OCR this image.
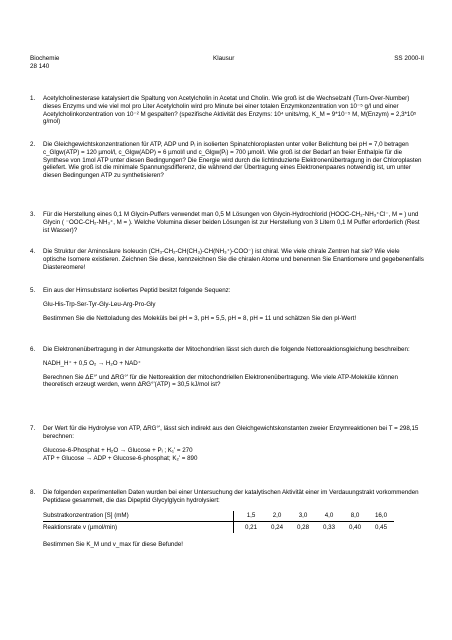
Biochemie
28 140
Klausur	SS 2000-II
1. Acetylcholinesterase katalysiert die Spaltung von Acetylcholin in Acetat und Cholin. Wie groß ist die Wechselzahl (Turn-Over-Number) dieses Enzyms und wie viel mol pro Liter Acetylcholin wird pro Minute bei einer totalen Enzymkonzentration von 10⁻⁵ g/l und einer Acetylcholinkonzentration von 10⁻² M gespalten? (spezifische Aktivität des Enzyms: 10⁴ units/mg, K_M = 9*10⁻⁵ M, M(Enzym) = 2,3*10⁵ g/mol)

2. Die Gleichgewichtskonzentrationen für ATP, ADP und Pᵢ in isolierten Spinatchloroplasten unter voller Belichtung bei pH = 7,0 betragen c_Glgw(ATP) = 120 µmol/l, c_Glgw(ADP) = 6 µmol/l und c_Glgw(Pᵢ) = 700 µmol/l. Wie groß ist der Bedarf an freier Enthalpie für die Synthese von 1mol ATP unter diesen Bedingungen? Die Energie wird durch die lichtinduzierte Elektronenübertragung in der Chloroplasten geliefert. Wie groß ist die minimale Spannungsdifferenz, die während der Übertragung eines Elektronenpaares notwendig ist, um unter diesen Bedingungen ATP zu synthetisieren?

3. Für die Herstellung eines 0,1 M Glycin-Puffers verwendet man 0,5 M Lösungen von Glycin-Hydrochlorid (HOOC-CH₂-NH₃⁺Cl⁻, M = ) und Glycin ( ⁻OOC-CH₂-NH₃⁺, M = ). Welche Volumina dieser beiden Lösungen ist zur Herstellung von 3 Litern 0,1 M Puffer erforderlich (Rest ist Wasser)?

4. Die Struktur der Aminosäure Isoleucin (CH₃-CH₂-CH(CH₃)-CH(NH₃⁺)-COO⁻) ist chiral. Wie viele chirale Zentren hat sie? Wie viele optische Isomere existieren. Zeichnen Sie diese, kennzeichnen Sie die chiralen Atome und benennen Sie Enantiomere und gegebenenfalls Diastereomere!

5. Ein aus der Hirnsubstanz isoliertes Peptid besitzt folgende Sequenz:

Glu-His-Trp-Ser-Tyr-Gly-Leu-Arg-Pro-Gly

Bestimmen Sie die Nettoladung des Moleküls bei pH = 3, pH = 5,5, pH = 8, pH = 11 und schätzen Sie den pI-Wert!

6. Die Elektronenübertragung in der Atmungskette der Mitochondrien lässt sich durch die folgende Nettoreaktionsgleichung beschreiben:

NADH_H⁺ + 0,5 O₂ → H₂O + NAD⁺

Berechnen Sie ΔE°' und ΔRG°' für die Nettoreaktion der mitochondriellen Elektronenübertragung. Wie viele ATP-Moleküle können theoretisch erzeugt werden, wenn ΔRG°'(ATP) = 30,5 kJ/mol ist?

7. Der Wert für die Hydrolyse von ATP, ΔRG°', lässt sich indirekt aus den Gleichgewichtskonstanten zweier Enzymreaktionen bei T = 298,15 berechnen:

Glucose-6-Phosphat + H₂O → Glucose + Pᵢ ; K₁' = 270

ATP + Glucose → ADP + Glucose-6-phosphat; K₂' = 890

8. Die folgenden experimentellen Daten wurden bei einer Untersuchung der katalytischen Aktivität einer im Verdauungstrakt vorkommenden Peptidase gesammelt, die das Dipeptid Glycylglycin hydrolysiert:

Substratkonzentration [S] (mM)		1,5	2,0	3,0	4,0	8,0	16,0
Reaktionsrate v (µmol/min)		0,21	0,24	0,28	0,33	0,40	0,45

Bestimmen Sie K_M und v_max für diese Befunde!
